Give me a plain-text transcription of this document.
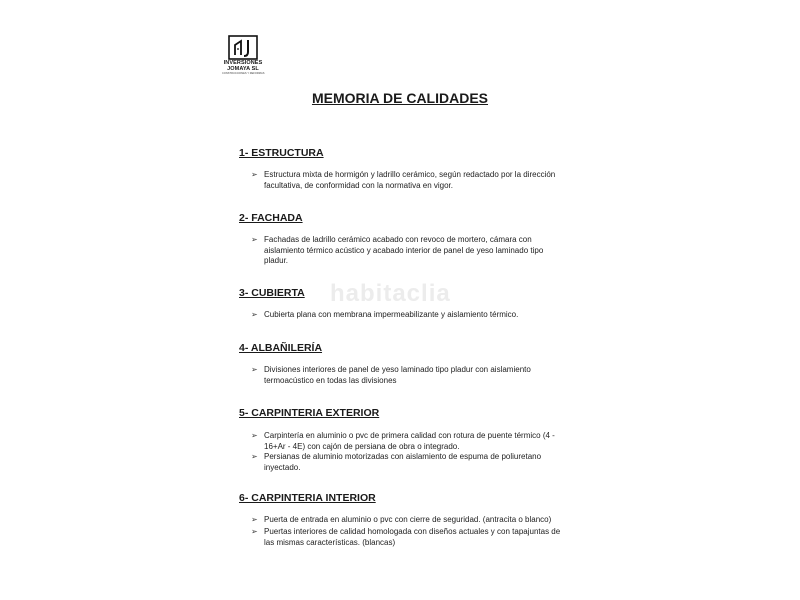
INVERSIONES
JOMAYA SL
CONSTRUCCIONES Y REFORMAS
habitaclia
MEMORIA DE CALIDADES
1- ESTRUCTURA
➢ Estructura mixta de hormigón y ladrillo cerámico, según redactado por la dirección facultativa, de conformidad con la normativa en vigor.
2- FACHADA
➢ Fachadas de ladrillo cerámico acabado con revoco de mortero, cámara con aislamiento térmico acústico y acabado interior de panel de yeso laminado tipo pladur.
3- CUBIERTA
➢ Cubierta plana con membrana impermeabilizante y aislamiento térmico.
4- ALBAÑILERÍA
➢ Divisiones interiores de panel de yeso laminado tipo pladur con aislamiento termoacústico en todas las divisiones
5- CARPINTERIA EXTERIOR
➢ Carpintería en aluminio o pvc de primera calidad con rotura de puente térmico (4 - 16+Ar - 4E) con cajón de persiana de obra o integrado.
➢ Persianas de aluminio motorizadas con aislamiento de espuma de poliuretano inyectado.
6- CARPINTERIA INTERIOR
➢ Puerta de entrada en aluminio o pvc con cierre de seguridad. (antracita o blanco)
➢ Puertas interiores de calidad homologada con diseños actuales y con tapajuntas de las mismas características. (blancas)
